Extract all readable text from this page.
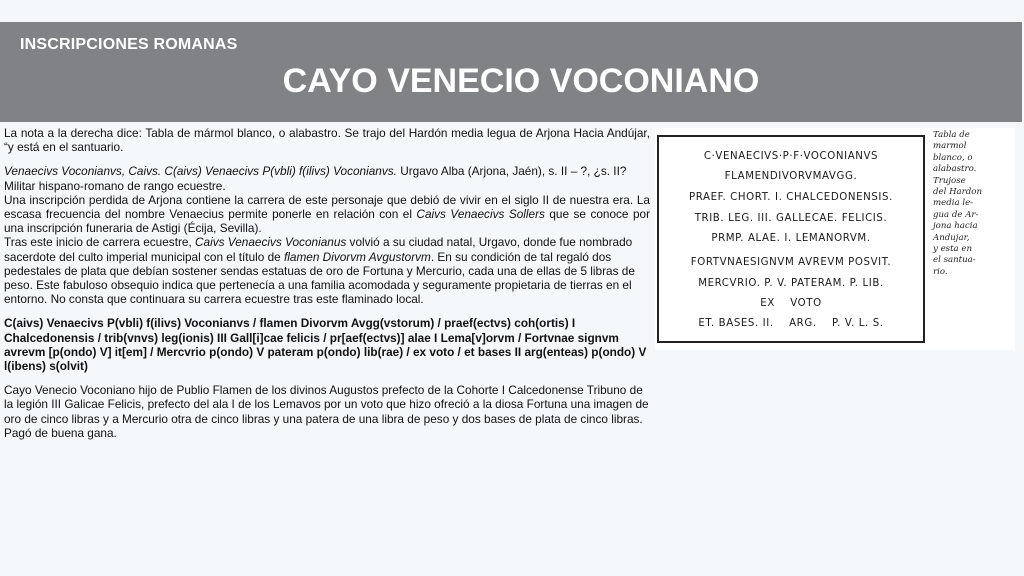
INSCRIPCIONES ROMANAS
CAYO VENECIO VOCONIANO

La nota a la derecha dice: Tabla de mármol blanco, o alabastro. Se trajo del Hardón media legua de Arjona Hacia Andújar, “y está en el santuario.

Venaecivs Voconianvs, Caivs. C(aivs) Venaecivs P(vbli) f(ilivs) Voconianvs. Urgavo Alba (Arjona, Jaén), s. II – ?, ¿s. II? Militar hispano-romano de rango ecuestre.

Una inscripción perdida de Arjona contiene la carrera de este personaje que debió de vivir en el siglo II de nuestra era. La escasa frecuencia del nombre Venaecius permite ponerle en relación con el Caivs Venaecivs Sollers que se conoce por una inscripción funeraria de Astigi (Écija, Sevilla).

Tras este inicio de carrera ecuestre, Caivs Venaecivs Voconianus volvió a su ciudad natal, Urgavo, donde fue nombrado sacerdote del culto imperial municipal con el título de flamen Divorvm Avgustorvm. En su condición de tal regaló dos pedestales de plata que debían sostener sendas estatuas de oro de Fortuna y Mercurio, cada una de ellas de 5 libras de peso. Este fabuloso obsequio indica que pertenecía a una familia acomodada y seguramente propietaria de tierras en el entorno. No consta que continuara su carrera ecuestre tras este flaminado local.

C(aivs) Venaecivs P(vbli) f(ilivs) Voconianvs / flamen Divorvm Avgg(vstorum) / praef(ectvs) coh(ortis) I Chalcedonensis / trib(vnvs) leg(ionis) III Gall[i]cae felicis / pr[aef(ectvs)] alae I Lema[v]orvm / Fortvnae signvm avrevm [p(ondo) V] it[em] / Mercvrio p(ondo) V pateram p(ondo) lib(rae) / ex voto / et bases II arg(enteas) p(ondo) V l(ibens) s(olvit)

Cayo Venecio Voconiano hijo de Publio Flamen de los divinos Augustos prefecto de la Cohorte I Calcedonense Tribuno de la legión III Galicae Felicis, prefecto del ala I de los Lemavos por un voto que hizo ofreció a la diosa Fortuna una imagen de oro de cinco libras y a Mercurio otra de cinco libras y una patera de una libra de peso y dos bases de plata de cinco libras. Pagó de buena gana.

C·VENAECIVS·P·F·VOCONIANVS
FLAMENDIVORVMAVGG.
PRAEF. CHORT. I. CHALCEDONENSIS.
TRIB. LEG. III. GALLECAE. FELICIS.
PRMP. ALAE. I. LEMANORVM.
FORTVNAESIGNVM AVREVM POSVIT.
MERCVRIO. P. V. PATERAM. P. LIB.
EX    VOTO
ET. BASES. II.    ARG.    P. V. L. S.
Tabla de
marmol
blanco, o
alabastro.
Trujose
del Hardon
media le-
gua de Ar-
jona hacia
Andujar,
y esta en
el santua-
rio.
